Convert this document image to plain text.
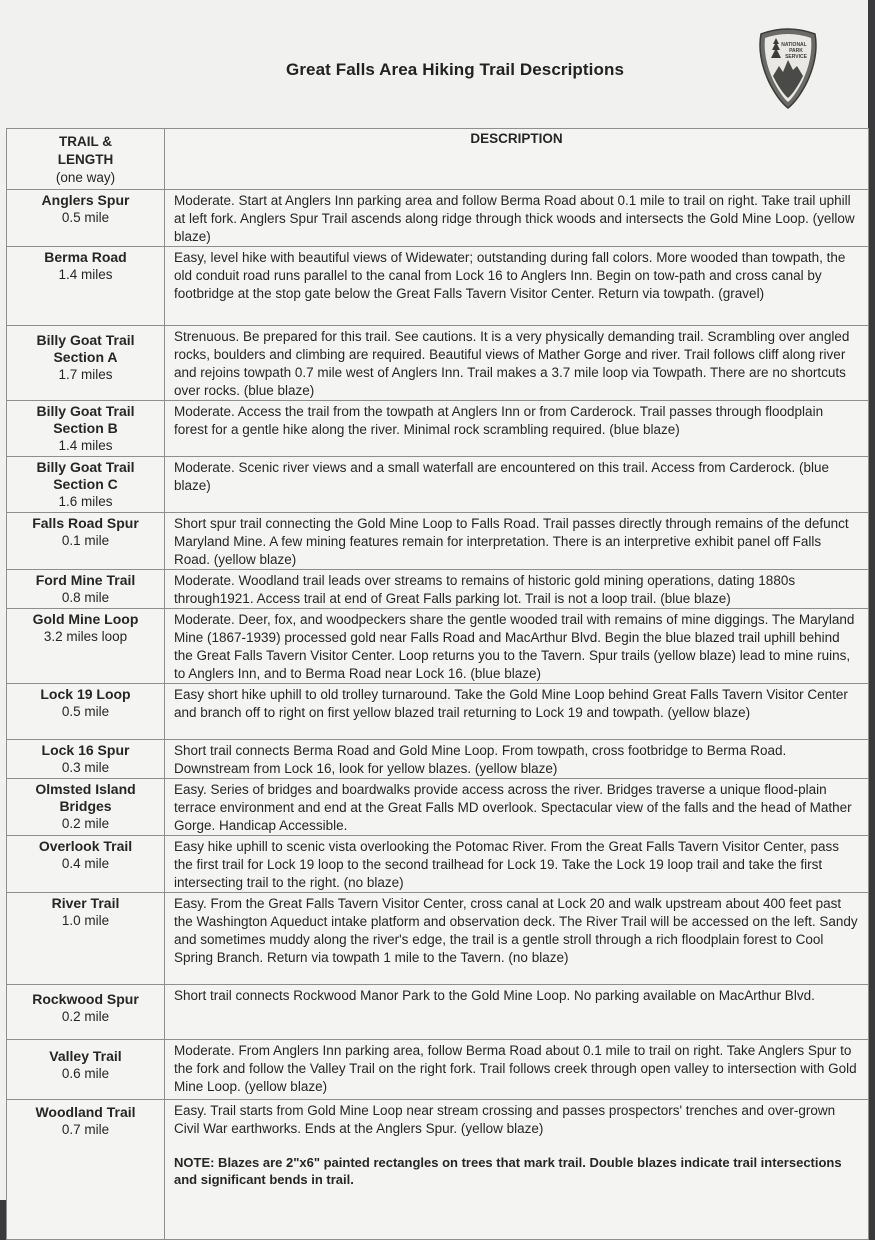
Great Falls Area Hiking Trail Descriptions
NATIONAL
PARK
SERVICE
TRAIL &
LENGTH
(one way)	DESCRIPTION

Anglers Spur
0.5 mile	Moderate. Start at Anglers Inn parking area and follow Berma Road about 0.1 mile to trail on right. Take trail uphill at left fork. Anglers Spur Trail ascends along ridge through thick woods and intersects the Gold Mine Loop. (yellow blaze)

Berma Road
1.4 miles	Easy, level hike with beautiful views of Widewater; outstanding during fall colors. More wooded than towpath, the old conduit road runs parallel to the canal from Lock 16 to Anglers Inn. Begin on tow-path and cross canal by footbridge at the stop gate below the Great Falls Tavern Visitor Center. Return via towpath. (gravel)

Billy Goat Trail Section A
1.7 miles	Strenuous. Be prepared for this trail. See cautions. It is a very physically demanding trail. Scrambling over angled rocks, boulders and climbing are required. Beautiful views of Mather Gorge and river. Trail follows cliff along river and rejoins towpath 0.7 mile west of Anglers Inn. Trail makes a 3.7 mile loop via Towpath. There are no shortcuts over rocks. (blue blaze)

Billy Goat Trail Section B
1.4 miles	Moderate. Access the trail from the towpath at Anglers Inn or from Carderock. Trail passes through floodplain forest for a gentle hike along the river. Minimal rock scrambling required. (blue blaze)

Billy Goat Trail Section C
1.6 miles	Moderate. Scenic river views and a small waterfall are encountered on this trail. Access from Carderock. (blue blaze)

Falls Road Spur
0.1 mile	Short spur trail connecting the Gold Mine Loop to Falls Road. Trail passes directly through remains of the defunct Maryland Mine. A few mining features remain for interpretation. There is an interpretive exhibit panel off Falls Road. (yellow blaze)

Ford Mine Trail
0.8 mile	Moderate. Woodland trail leads over streams to remains of historic gold mining operations, dating 1880s through1921. Access trail at end of Great Falls parking lot. Trail is not a loop trail. (blue blaze)

Gold Mine Loop
3.2 miles loop	Moderate. Deer, fox, and woodpeckers share the gentle wooded trail with remains of mine diggings. The Maryland Mine (1867-1939) processed gold near Falls Road and MacArthur Blvd. Begin the blue blazed trail uphill behind the Great Falls Tavern Visitor Center. Loop returns you to the Tavern. Spur trails (yellow blaze) lead to mine ruins, to Anglers Inn, and to Berma Road near Lock 16. (blue blaze)

Lock 19 Loop
0.5 mile	Easy short hike uphill to old trolley turnaround. Take the Gold Mine Loop behind Great Falls Tavern Visitor Center and branch off to right on first yellow blazed trail returning to Lock 19 and towpath. (yellow blaze)

Lock 16 Spur
0.3 mile	Short trail connects Berma Road and Gold Mine Loop. From towpath, cross footbridge to Berma Road. Downstream from Lock 16, look for yellow blazes. (yellow blaze)

Olmsted Island Bridges
0.2 mile	Easy. Series of bridges and boardwalks provide access across the river. Bridges traverse a unique flood-plain terrace environment and end at the Great Falls MD overlook. Spectacular view of the falls and the head of Mather Gorge. Handicap Accessible.

Overlook Trail
0.4 mile	Easy hike uphill to scenic vista overlooking the Potomac River. From the Great Falls Tavern Visitor Center, pass the first trail for Lock 19 loop to the second trailhead for Lock 19. Take the Lock 19 loop trail and take the first intersecting trail to the right. (no blaze)

River Trail
1.0 mile	Easy. From the Great Falls Tavern Visitor Center, cross canal at Lock 20 and walk upstream about 400 feet past the Washington Aqueduct intake platform and observation deck. The River Trail will be accessed on the left. Sandy and sometimes muddy along the river's edge, the trail is a gentle stroll through a rich floodplain forest to Cool Spring Branch. Return via towpath 1 mile to the Tavern. (no blaze)

Rockwood Spur
0.2 mile	Short trail connects Rockwood Manor Park to the Gold Mine Loop. No parking available on MacArthur Blvd.

Valley Trail
0.6 mile	Moderate. From Anglers Inn parking area, follow Berma Road about 0.1 mile to trail on right. Take Anglers Spur to the fork and follow the Valley Trail on the right fork. Trail follows creek through open valley to intersection with Gold Mine Loop. (yellow blaze)

Woodland Trail
0.7 mile	Easy. Trail starts from Gold Mine Loop near stream crossing and passes prospectors' trenches and over-grown Civil War earthworks. Ends at the Anglers Spur. (yellow blaze)
NOTE: Blazes are 2"x6" painted rectangles on trees that mark trail. Double blazes indicate trail intersections and significant bends in trail.
